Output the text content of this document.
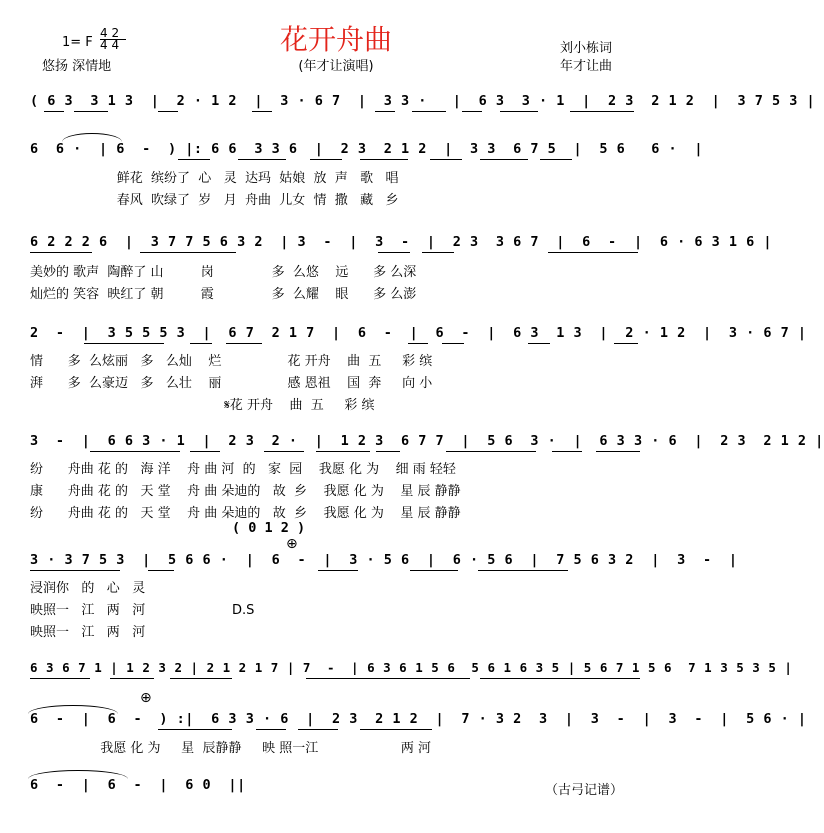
花开舟曲
1= F
4 2
4 4
悠扬 深情地	(年才让演唱)
刘小栋词
年才让曲
( 6 3  3 1 3  |  2 · 1 2  |  3 · 6 7  |  3 3 ·   |  6 3  3 · 1  |  2 3  2 1 2  |  3 7 5 3 |
6  6 ·  | 6  -  ) |: 6 6  3 3 6  |  2 3  2 1 2  |  3 3  6 7 5  |  5 6   6 ·  |
鲜花  缤纷了  心   灵  达玛  姑娘  放  声   歌   唱
春风  吹绿了  岁   月  舟曲  儿女  情  撒   藏   乡
6 2 2 2 6  |  3 7 7 5 6 3 2  | 3  -  |  3  -  |  2 3  3 6 7  |  6  -  |  6 · 6 3 1 6 |
美妙的 歌声  陶醉了 山         岗              多  么悠    远      多 么深
灿烂的 笑容  映红了 朝         霞              多  么耀    眼      多 么澎
2  -  |  3 5 5 5 3  |  6 7  2 1 7  |  6  -  |  6  -  |  6 3  1 3  |  2 · 1 2  |  3 · 6 7 |
情      多  么炫丽   多   么灿    烂                花 开舟    曲  五     彩 缤
湃      多  么豪迈   多   么壮    丽                感 恩祖    国  奔     向 小
𝄋花 开舟    曲  五     彩 缤
3  -  |  6 6 3 · 1  |  2 3  2 ·  |  1 2 3  6 7 7  |  5 6  3 ·  |  6 3 3 · 6  |  2 3  2 1 2 |
纷      舟曲 花 的   海 洋    舟 曲 河  的   家  园    我愿 化 为    细 雨 轻轻
康      舟曲 花 的   天 堂    舟 曲 朵迪的   故  乡    我愿 化 为    星 辰 静静
纷      舟曲 花 的   天 堂    舟 曲 朵迪的   故  乡    我愿 化 为    星 辰 静静
( 0 1 2 )
⊕
3 · 3 7 5 3  |  5 6 6 ·  |  6  -  |  3 · 5 6  |  6 · 5 6  |  7 5 6 3 2  |  3  -  |
浸润你   的   心   灵
映照一   江   两   河                     D.S
映照一   江   两   河
6 3 6 7 1 | 1 2 3 2 | 2 1 2 1 7 | 7  -  | 6 3 6 1 5 6  5 6 1 6 3 5 | 5 6 7 1 5 6  7 1 3 5 3 5 |
⊕
6  -  |  6  -  ) :|  6 3 3 · 6  |  2 3  2 1 2  |  7 · 3 2  3  |  3  -  |  3  -  |  5 6 · |
我愿 化 为     星  辰静静     映 照一江                    两 河
6  -  |  6  -  |  6 0  ||	（古弓记谱）
